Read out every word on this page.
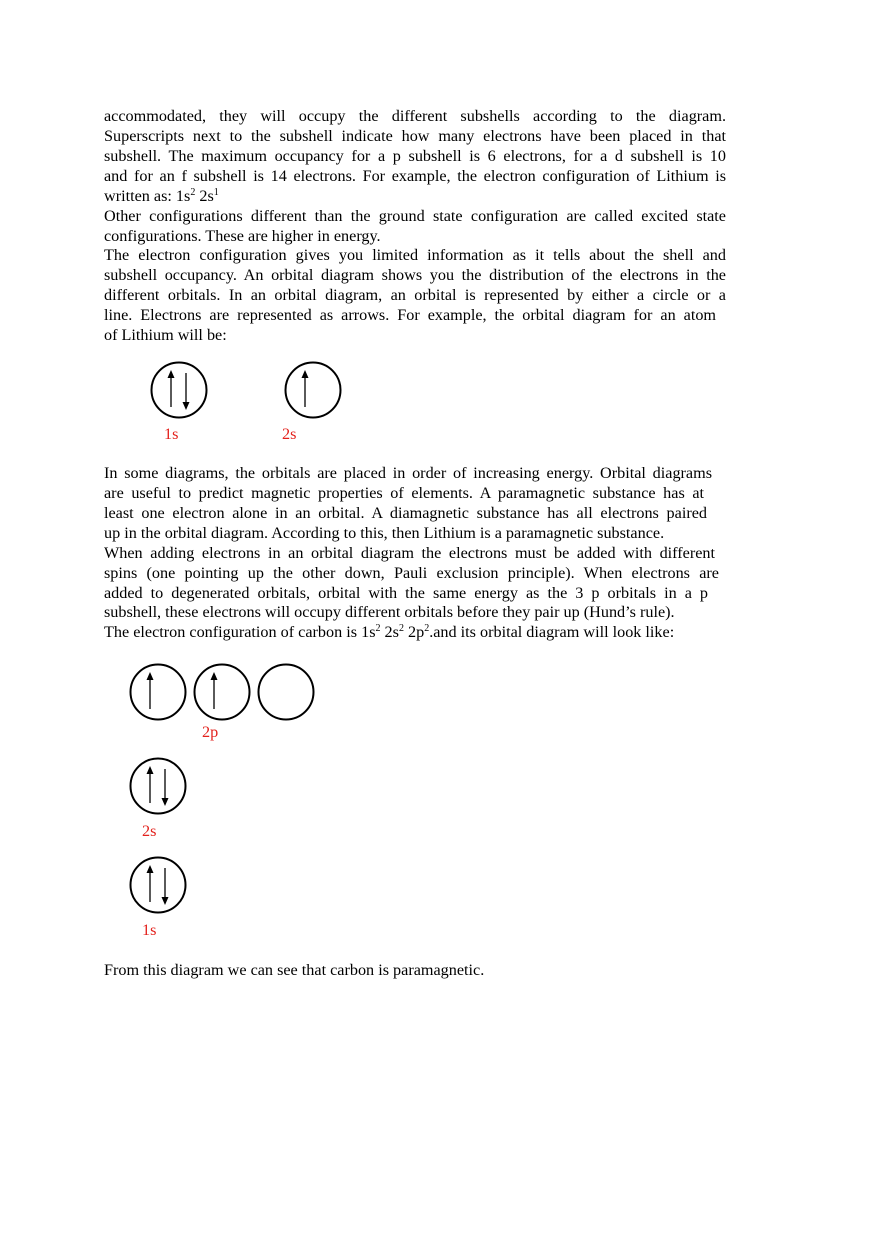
accommodated, they will occupy the different subshells according to the diagram.
Superscripts next to the subshell indicate how many electrons have been placed in that
subshell. The maximum occupancy for a p subshell is 6 electrons, for a d subshell is 10
and for an f subshell is 14 electrons. For example, the electron configuration of Lithium is
written as: $1s^2$ $2s^1$
Other configurations different than the ground state configuration are called excited state
configurations. These are higher in energy.
The electron configuration gives you limited information as it tells about the shell and
subshell occupancy. An orbital diagram shows you the distribution of the electrons in the
different orbitals. In an orbital diagram, an orbital is represented by either a circle or a
line. Electrons are represented as arrows. For example, the orbital diagram for an atom
of Lithium will be:
1s	2s
In some diagrams, the orbitals are placed in order of increasing energy. Orbital diagrams
are useful to predict magnetic properties of elements. A paramagnetic substance has at
least one electron alone in an orbital. A diamagnetic substance has all electrons paired
up in the orbital diagram. According to this, then Lithium is a paramagnetic substance.
When adding electrons in an orbital diagram the electrons must be added with different
spins (one pointing up the other down, Pauli exclusion principle). When electrons are
added to degenerated orbitals, orbital with the same energy as the 3 p orbitals in a p
subshell, these electrons will occupy different orbitals before they pair up (Hund’s rule).
The electron configuration of carbon is $1s^2$ $2s^2$ $2p^2.and$ its orbital diagram will look like:
2p
2s
1s
From this diagram we can see that carbon is paramagnetic.
